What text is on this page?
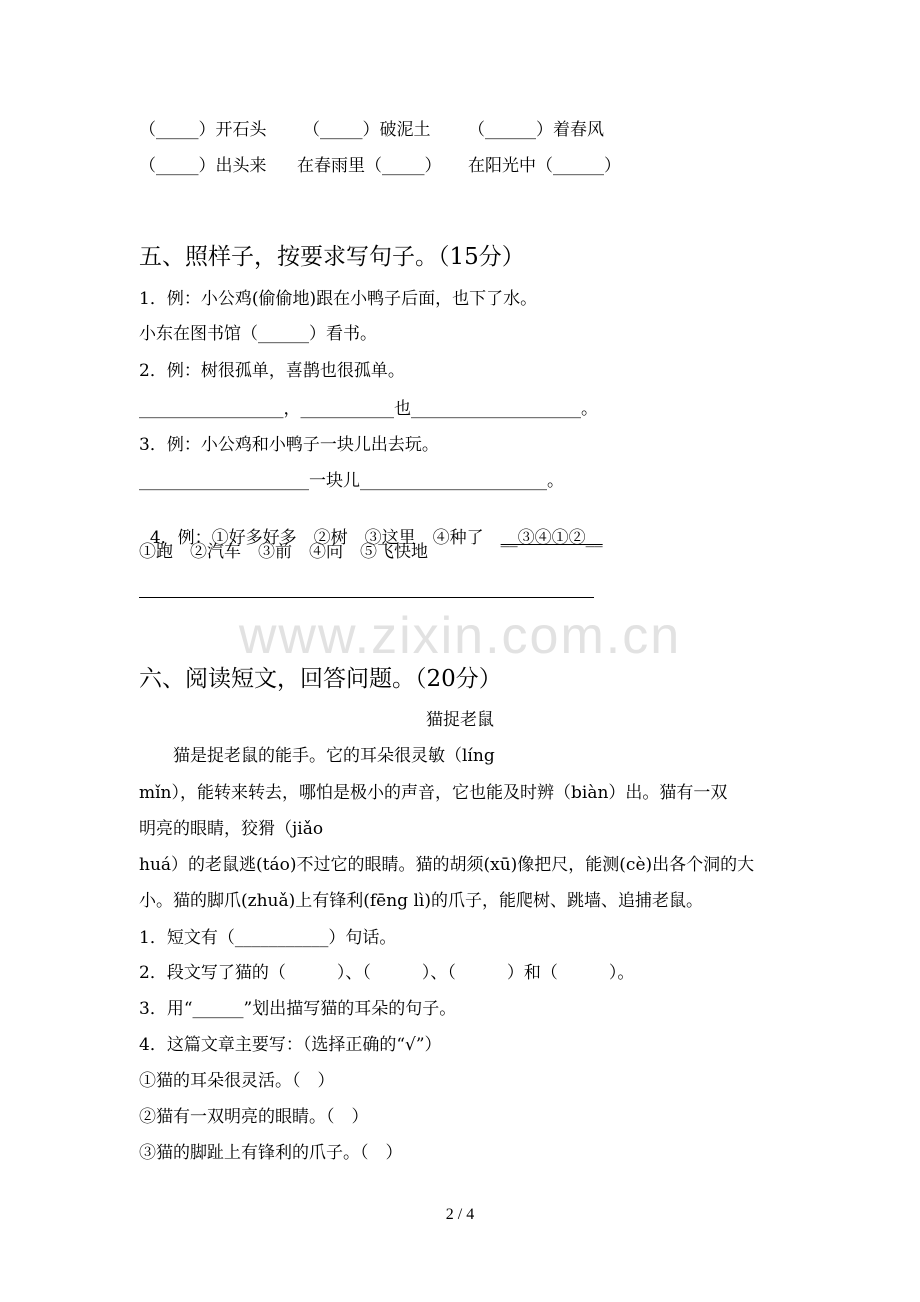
www.zixin.com.cn
（_____）开石头 （_____）破泥土 （______）着春风
（_____）出头来 在春雨里（_____） 在阳光中（______）
五、照样子，按要求写句子。（15分）
1．例：小公鸡(偷偷地)跟在小鸭子后面，也下了水。
小东在图书馆（______）看书。
2．例：树很孤单，喜鹊也很孤单。
_________________，___________也____________________。
3．例：小公鸡和小鸭子一块儿出去玩。
____________________一块儿______________________。

4．例：①好多好多　②树　③这里　④种了　__③④①②__

①跑　②汽车　③前　④向　⑤飞快地
六、阅读短文，回答问题。（20分）
猫捉老鼠
　　猫是捉老鼠的能手。它的耳朵很灵敏（líng
mǐn），能转来转去，哪怕是极小的声音，它也能及时辨（biàn）出。猫有一双
明亮的眼睛，狡猾（jiǎo
huá）的老鼠逃(táo)不过它的眼睛。猫的胡须(xū)像把尺，能测(cè)出各个洞的大
小。猫的脚爪(zhuǎ)上有锋利(fēng lì)的爪子，能爬树、跳墙、追捕老鼠。
1．短文有（___________）句话。
2．段文写了猫的（　　　）、（　　　）、（　　　）和（　　　）。
3．用“______”划出描写猫的耳朵的句子。
4．这篇文章主要写：（选择正确的“√”）
①猫的耳朵很灵活。（　）
②猫有一双明亮的眼睛。（　）
③猫的脚趾上有锋利的爪子。（　）
2 / 4
